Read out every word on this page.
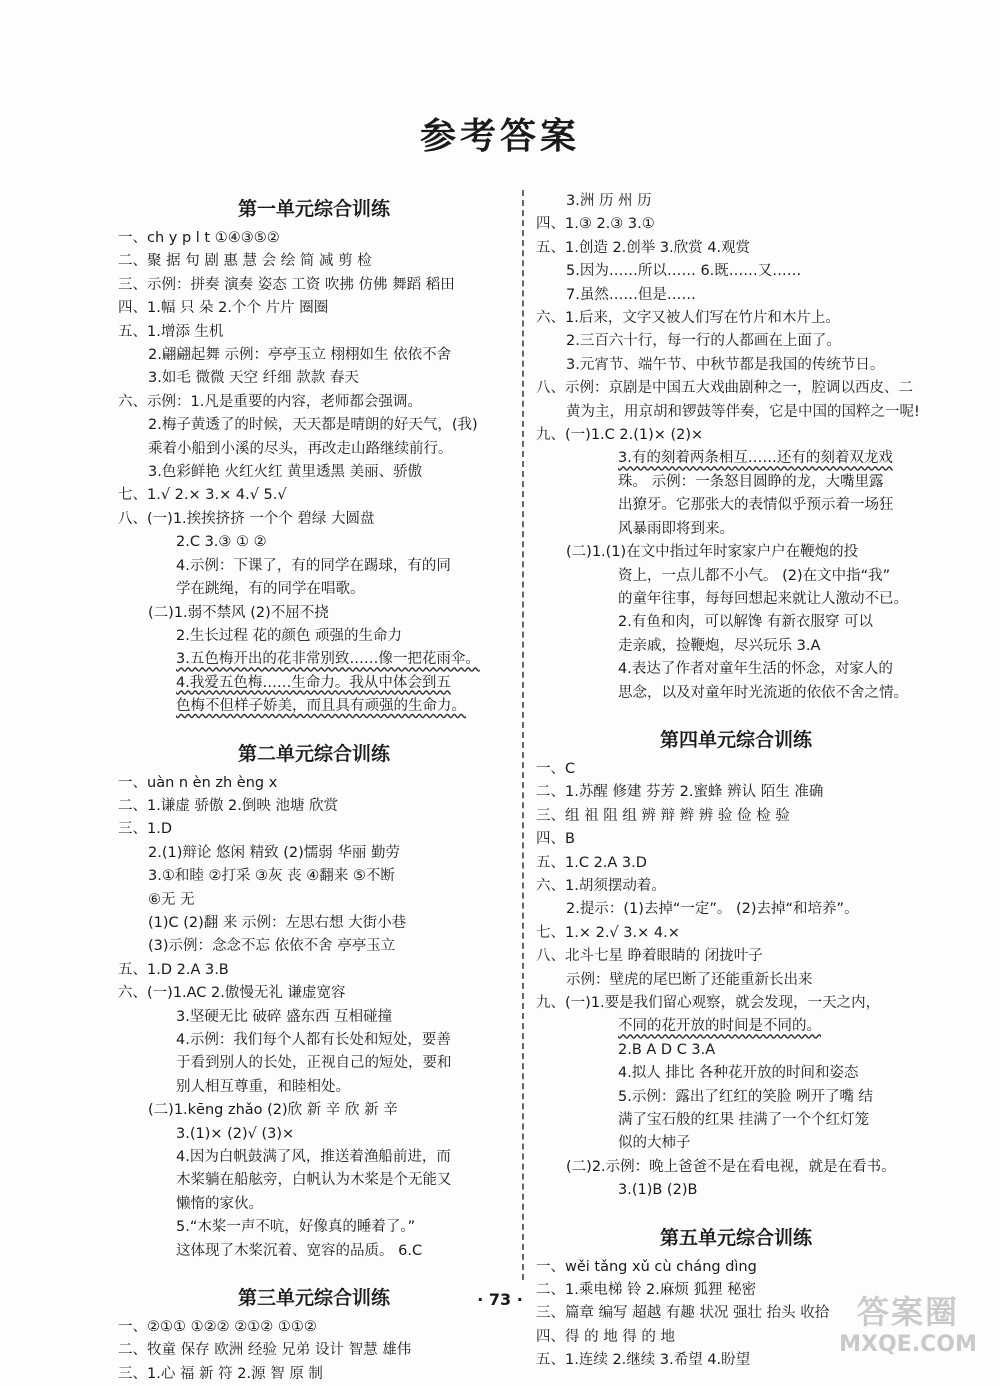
参考答案
第一单元综合训练
一、ch y p l t ①④③⑤②
二、聚 据 句 剧 惠 慧 会 绘 简 减 剪 检
三、示例：拼奏 演奏 姿态 工资 吹拂 仿佛 舞蹈 稻田
四、1.幅 只 朵 2.个个 片片 圈圈
五、1.增添 生机
2.翩翩起舞 示例：亭亭玉立 栩栩如生 依依不舍
3.如毛 微微 天空 纤细 款款 春天
六、示例：1.凡是重要的内容，老师都会强调。
2.梅子黄透了的时候，天天都是晴朗的好天气，(我)
乘着小船到小溪的尽头，再改走山路继续前行。
3.色彩鲜艳 火红火红 黄里透黑 美丽、骄傲
七、1.√ 2.× 3.× 4.√ 5.√
八、(一)1.挨挨挤挤 一个个 碧绿 大圆盘
2.C 3.③ ① ②
4.示例：下课了，有的同学在踢球，有的同
学在跳绳，有的同学在唱歌。
(二)1.弱不禁风 (2)不屈不挠
2.生长过程 花的颜色 顽强的生命力
3.五色梅开出的花非常别致……像一把花雨伞。
4.我爱五色梅……生命力。我从中体会到五
色梅不但样子娇美，而且具有顽强的生命力。
第二单元综合训练
一、uàn n èn zh èng x
二、1.谦虚 骄傲 2.倒映 池塘 欣赏
三、1.D
2.(1)辩论 悠闲 精致 (2)懦弱 华丽 勤劳
3.①和睦 ②打采 ③灰 丧 ④翻来 ⑤不断
⑥无 无
(1)C (2)翻 来 示例：左思右想 大街小巷
(3)示例：念念不忘 依依不舍 亭亭玉立
五、1.D 2.A 3.B
六、(一)1.AC 2.傲慢无礼 谦虚宽容
3.坚硬无比 破碎 盛东西 互相碰撞
4.示例：我们每个人都有长处和短处，要善
于看到别人的长处，正视自己的短处，要和
别人相互尊重，和睦相处。
(二)1.kēng zhǎo (2)欣 新 辛 欣 新 辛
3.(1)× (2)√ (3)×
4.因为白帆鼓满了风，推送着渔船前进，而
木桨躺在船舷旁，白帆认为木桨是个无能又
懒惰的家伙。
5.“木桨一声不吭，好像真的睡着了。”
这体现了木桨沉着、宽容的品质。 6.C
第三单元综合训练
一、②①① ①②② ②①② ①①②
二、牧童 保存 欧洲 经验 兄弟 设计 智慧 雄伟
三、1.心 福 新 符 2.源 智 原 制
3.洲 历 州 历
四、1.③ 2.③ 3.①
五、1.创造 2.创举 3.欣赏 4.观赏
5.因为……所以…… 6.既……又……
7.虽然……但是……
六、1.后来，文字又被人们写在竹片和木片上。
2.三百六十行，每一行的人都画在上面了。
3.元宵节、端午节、中秋节都是我国的传统节日。
八、示例：京剧是中国五大戏曲剧种之一，腔调以西皮、二
黄为主，用京胡和锣鼓等伴奏，它是中国的国粹之一呢!
九、(一)1.C 2.(1)× (2)×
3.有的刻着两条相互……还有的刻着双龙戏
珠。 示例：一条怒目圆睁的龙，大嘴里露
出獠牙。它那张大的表情似乎预示着一场狂
风暴雨即将到来。
(二)1.(1)在文中指过年时家家户户在鞭炮的投
资上，一点儿都不小气。 (2)在文中指“我”
的童年往事，每每回想起来就让人激动不已。
2.有鱼和肉，可以解馋 有新衣服穿 可以
走亲戚，捡鞭炮，尽兴玩乐 3.A
4.表达了作者对童年生活的怀念，对家人的
思念，以及对童年时光流逝的依依不舍之情。
第四单元综合训练
一、C
二、1.苏醒 修建 芬芳 2.蜜蜂 辨认 陌生 准确
三、组 祖 阻 组 辨 辩 辫 辨 验 俭 检 验
四、B
五、1.C 2.A 3.D
六、1.胡须摆动着。
2.提示：(1)去掉“一定”。 (2)去掉“和培养”。
七、1.× 2.√ 3.× 4.×
八、北斗七星 睁着眼睛的 闭拢叶子
示例：壁虎的尾巴断了还能重新长出来
九、(一)1.要是我们留心观察，就会发现，一天之内，
不同的花开放的时间是不同的。
2.B A D C 3.A
4.拟人 排比 各种花开放的时间和姿态
5.示例：露出了红红的笑脸 咧开了嘴 结
满了宝石般的红果 挂满了一个个红灯笼
似的大柿子
(二)2.示例：晚上爸爸不是在看电视，就是在看书。
3.(1)B (2)B
第五单元综合训练
一、wěi tǎng xǔ cù cháng dìng
二、1.乘电梯 铃 2.麻烦 狐狸 秘密
三、篇章 编写 超越 有趣 状况 强壮 抬头 收拾
四、得 的 地 得 的 地
五、1.连续 2.继续 3.希望 4.盼望
· 73 ·	答案圈
MXQE.COM
